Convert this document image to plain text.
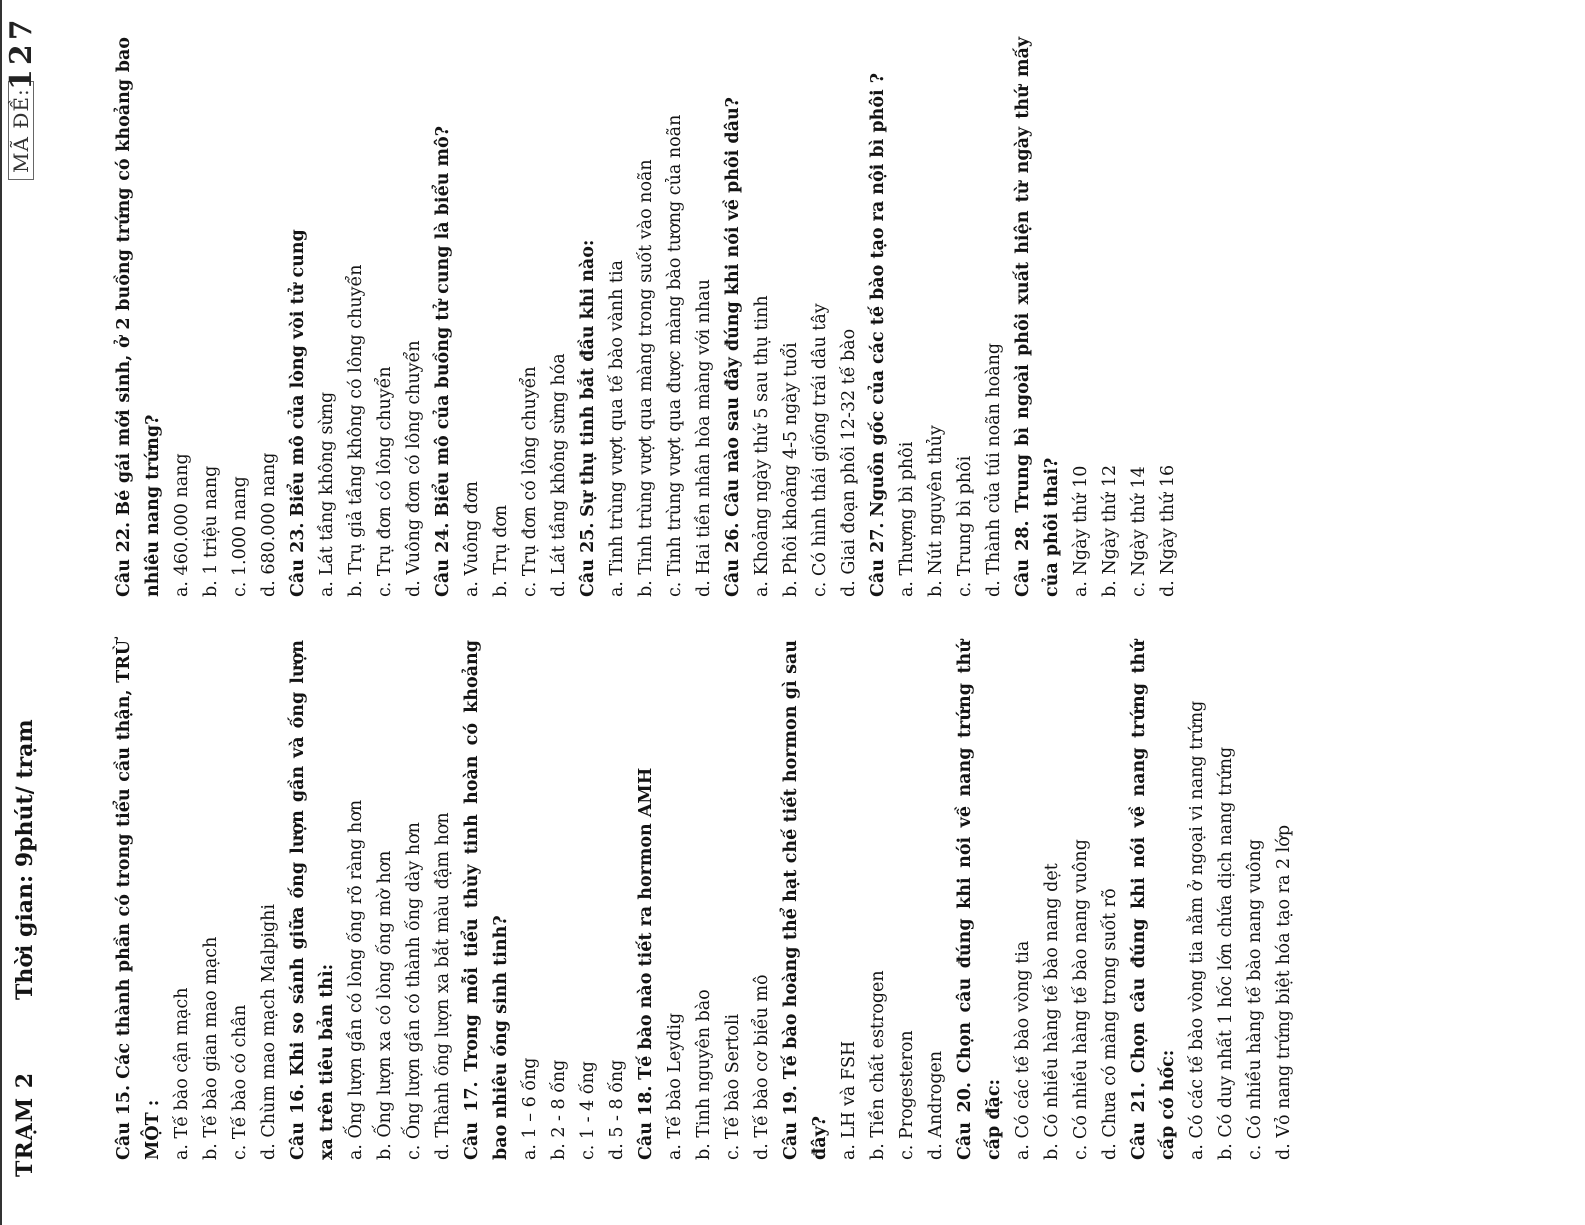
TRẠM 2
Thời gian: 9phút/ trạm
MÃ ĐỀ:
127
Câu 15. Các thành phần có trong tiểu cầu thận, TRỪ MỘT : a. Tế bào cận mạch b. Tế bào gian mao mạch c. Tế bào có chân d. Chùm mao mạch Malpighi Câu 16. Khi so sánh giữa ống lượn gần và ống lượn xa trên tiêu bản thì: a. Ống lượn gần có lòng ống rõ ràng hơn b. Ống lượn xa có lòng ống mờ hơn c. Ống lượn gần có thành ống dày hơn d. Thành ống lượn xa bắt màu đậm hơn Câu 17. Trong mỗi tiểu thùy tinh hoàn có khoảng bao nhiêu ống sinh tinh? a. 1 – 6 ống b. 2 - 8 ống c. 1 - 4 ống d. 5 - 8 ống Câu 18. Tế bào nào tiết ra hormon AMH
a. Tế bào Leydig b. Tinh nguyên bào c. Tế bào Sertoli d. Tế bào cơ biểu mô Câu 19. Tế bào hoàng thể hạt chế tiết hormon gì sau đây? a. LH và FSH b. Tiền chất estrogen c. Progesteron d. Androgen Câu 20. Chọn câu đúng khi nói về nang trứng thứ cấp đặc: a. Có các tế bào vòng tia b. Có nhiều hàng tế bào nang dẹt c. Có nhiều hàng tế bào nang vuông d. Chưa có màng trong suốt rõ Câu 21. Chọn câu đúng khi nói về nang trứng thứ cấp có hốc: a. Có các tế bào vòng tia nằm ở ngoại vi nang trứng b. Có duy nhất 1 hốc lớn chứa dịch nang trứng c. Có nhiều hàng tế bào nang vuông d. Vỏ nang trứng biệt hóa tạo ra 2 lớp
Câu 22. Bé gái mới sinh, ở 2 buồng trứng có khoảng bao nhiêu nang trứng? a. 460.000 nang b. 1 triệu nang c. 1.000 nang d. 680.000 nang Câu 23. Biểu mô của lòng vòi tử cung a. Lát tầng không sừng b. Trụ giả tầng không có lông chuyển c. Trụ đơn có lông chuyển d. Vuông đơn có lông chuyển Câu 24. Biểu mô của buồng tử cung là biểu mô?
a. Vuông đơn b. Trụ đơn c. Trụ đơn có lông chuyển d. Lát tầng không sừng hóa Câu 25. Sự thụ tinh bắt đầu khi nào: a. Tinh trùng vượt qua tế bào vành tia b. Tinh trùng vượt qua màng trong suốt vào noãn c. Tinh trùng vượt qua được màng bào tương của noãn d. Hai tiền nhân hòa màng với nhau Câu 26. Câu nào sau đây đúng khi nói về phôi dâu? a. Khoảng ngày thứ 5 sau thụ tinh b. Phôi khoảng 4-5 ngày tuổi c. Có hình thái giống trái dâu tây d. Giai đoạn phôi 12-32 tế bào Câu 27. Nguồn gốc của các tế bào tạo ra nội bì phôi ?
a. Thượng bì phôi b. Nút nguyên thủy c. Trung bì phôi d. Thành của túi noãn hoàng Câu 28. Trung bì ngoài phôi xuất hiện từ ngày thứ mấy của phôi thai? a. Ngày thứ 10 b. Ngày thứ 12 c. Ngày thứ 14 d. Ngày thứ 16
